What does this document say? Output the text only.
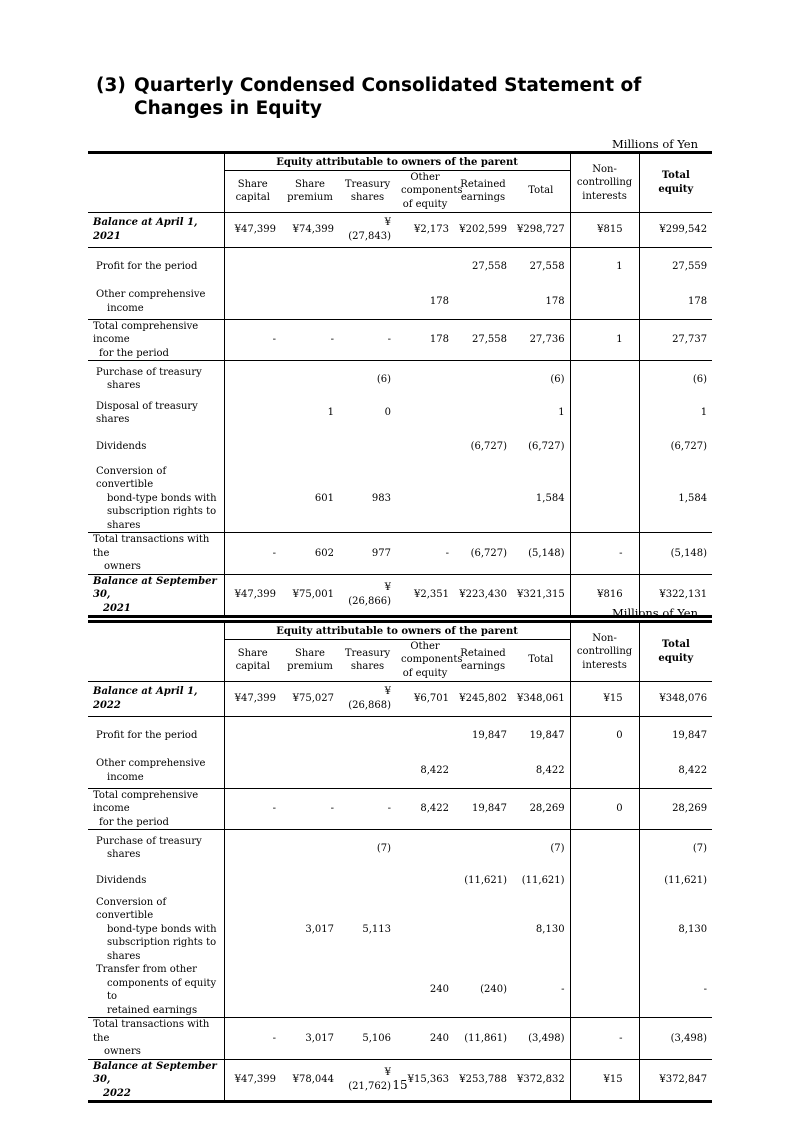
(3) Quarterly Condensed Consolidated Statement of Changes in Equity
Millions of Yen
	Equity attributable to owners of the parent						Non- controlling interests	Total equity
	Share capital	Share premium	Treasury shares	Other components of equity	Retained earnings	Total		
Balance at April 1, 2021	¥47,399	¥74,399	¥(27,843)	¥2,173	¥202,599	¥298,727	¥815	¥299,542
Profit for the period					27,558	27,558	1	27,559
Other comprehensive
income				178		178		178
Total comprehensive income
for the period	-	-	-	178	27,558	27,736	1	27,737
Purchase of treasury
shares			(6)			(6)		(6)
Disposal of treasury shares		1	0			1		1
Dividends					(6,727)	(6,727)		(6,727)
Conversion of convertible
bond-type bonds with
subscription rights to
shares		601	983			1,584		1,584
Total transactions with the
owners	-	602	977	-	(6,727)	(5,148)	-	(5,148)
Balance at September 30,
2021	¥47,399	¥75,001	¥(26,866)	¥2,351	¥223,430	¥321,315	¥816	¥322,131
Millions of Yen
	Equity attributable to owners of the parent						Non- controlling interests	Total equity
	Share capital	Share premium	Treasury shares	Other components of equity	Retained earnings	Total		
Balance at April 1, 2022	¥47,399	¥75,027	¥(26,868)	¥6,701	¥245,802	¥348,061	¥15	¥348,076
Profit for the period					19,847	19,847	0	19,847
Other comprehensive
income				8,422		8,422		8,422
Total comprehensive income
for the period	-	-	-	8,422	19,847	28,269	0	28,269
Purchase of treasury
shares			(7)			(7)		(7)
Dividends					(11,621)	(11,621)		(11,621)
Conversion of convertible
bond-type bonds with
subscription rights to
shares		3,017	5,113			8,130		8,130
Transfer from other
components of equity to
retained earnings				240	(240)	-		-
Total transactions with the
owners	-	3,017	5,106	240	(11,861)	(3,498)	-	(3,498)
Balance at September 30,
2022	¥47,399	¥78,044	¥(21,762)	¥15,363	¥253,788	¥372,832	¥15	¥372,847
15
